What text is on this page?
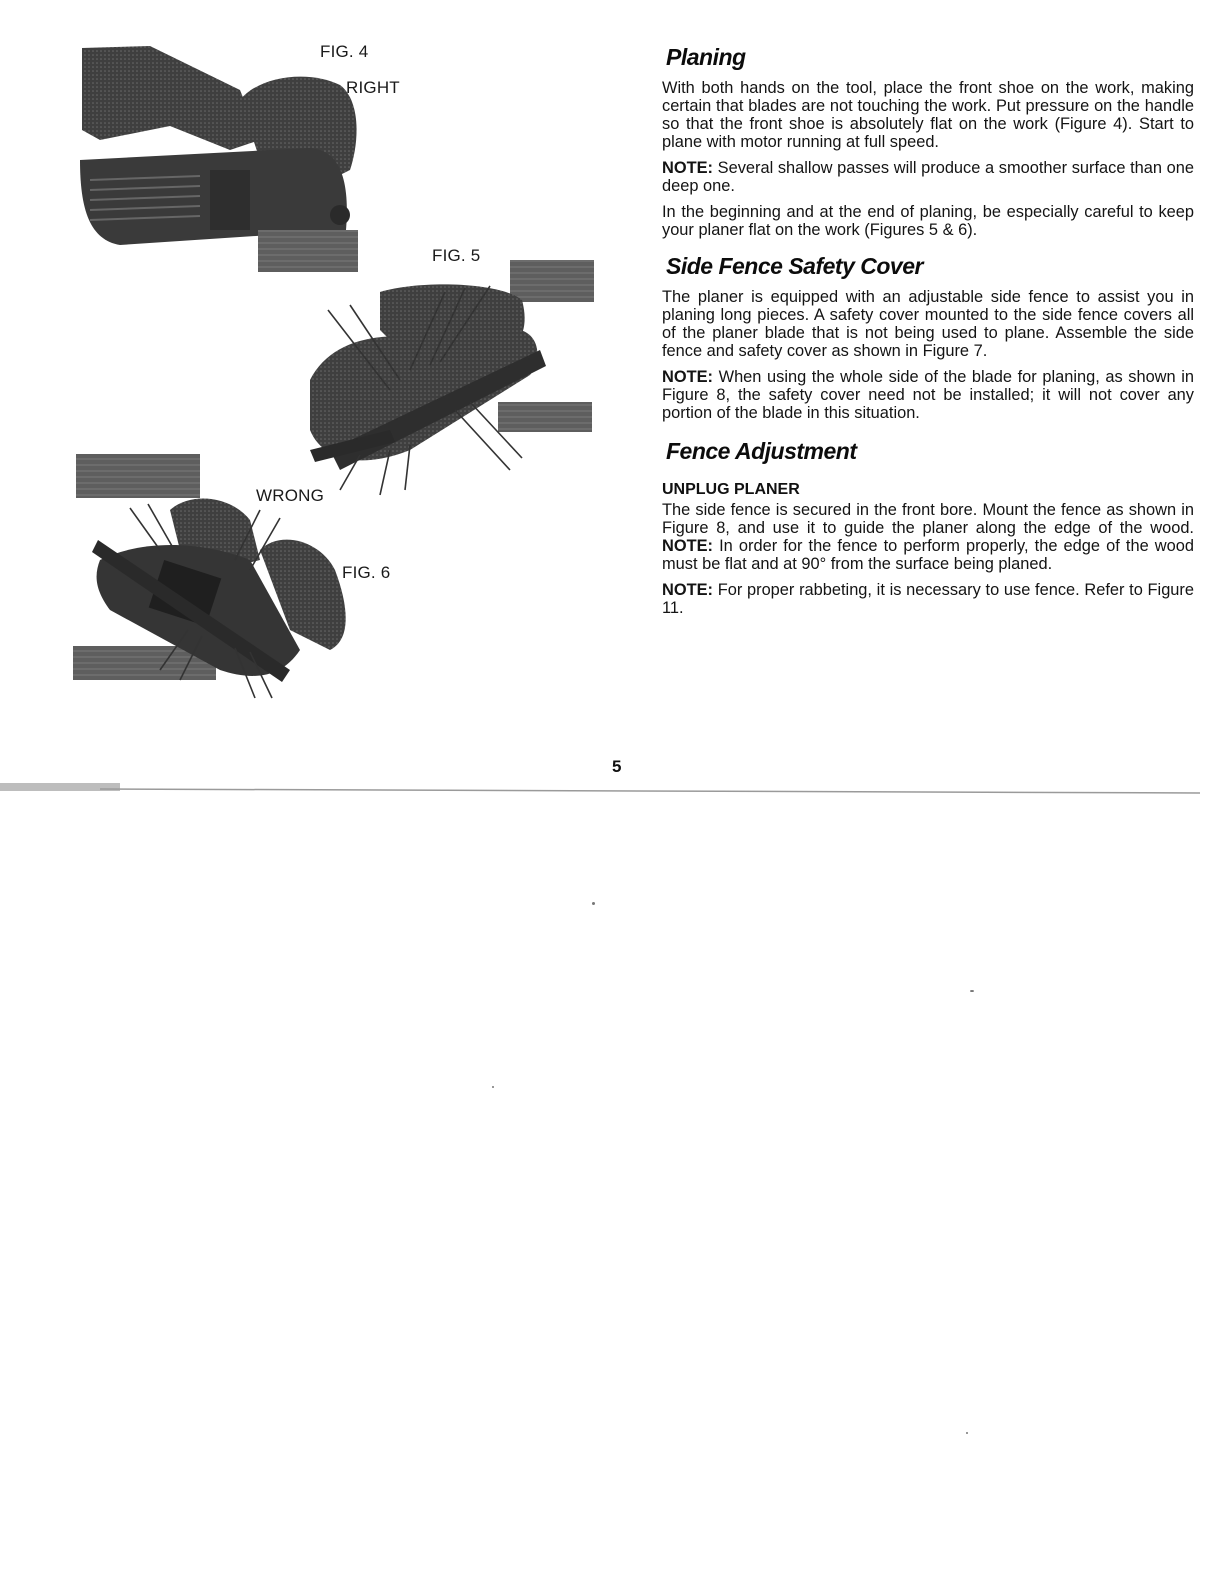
FIG. 4
RIGHT
FIG. 5
WRONG
FIG. 6
Planing

With both hands on the tool, place the front shoe on the work, making certain that blades are not touching the work. Put pressure on the handle so that the front shoe is absolutely flat on the work (Figure 4). Start to plane with motor running at full speed.

NOTE: Several shallow passes will produce a smoother surface than one deep one.

In the beginning and at the end of planing, be especially careful to keep your planer flat on the work (Figures 5 & 6).

Side Fence Safety Cover

The planer is equipped with an adjustable side fence to assist you in planing long pieces. A safety cover mounted to the side fence covers all of the planer blade that is not being used to plane. Assemble the side fence and safety cover as shown in Figure 7.

NOTE: When using the whole side of the blade for planing, as shown in Figure 8, the safety cover need not be installed; it will not cover any portion of the blade in this situation.

Fence Adjustment
UNPLUG PLANER

The side fence is secured in the front bore. Mount the fence as shown in Figure 8, and use it to guide the planer along the edge of the wood. NOTE: In order for the fence to perform properly, the edge of the wood must be flat and at 90° from the surface being planed.

NOTE: For proper rabbeting, it is necessary to use fence. Refer to Figure 11.

5
